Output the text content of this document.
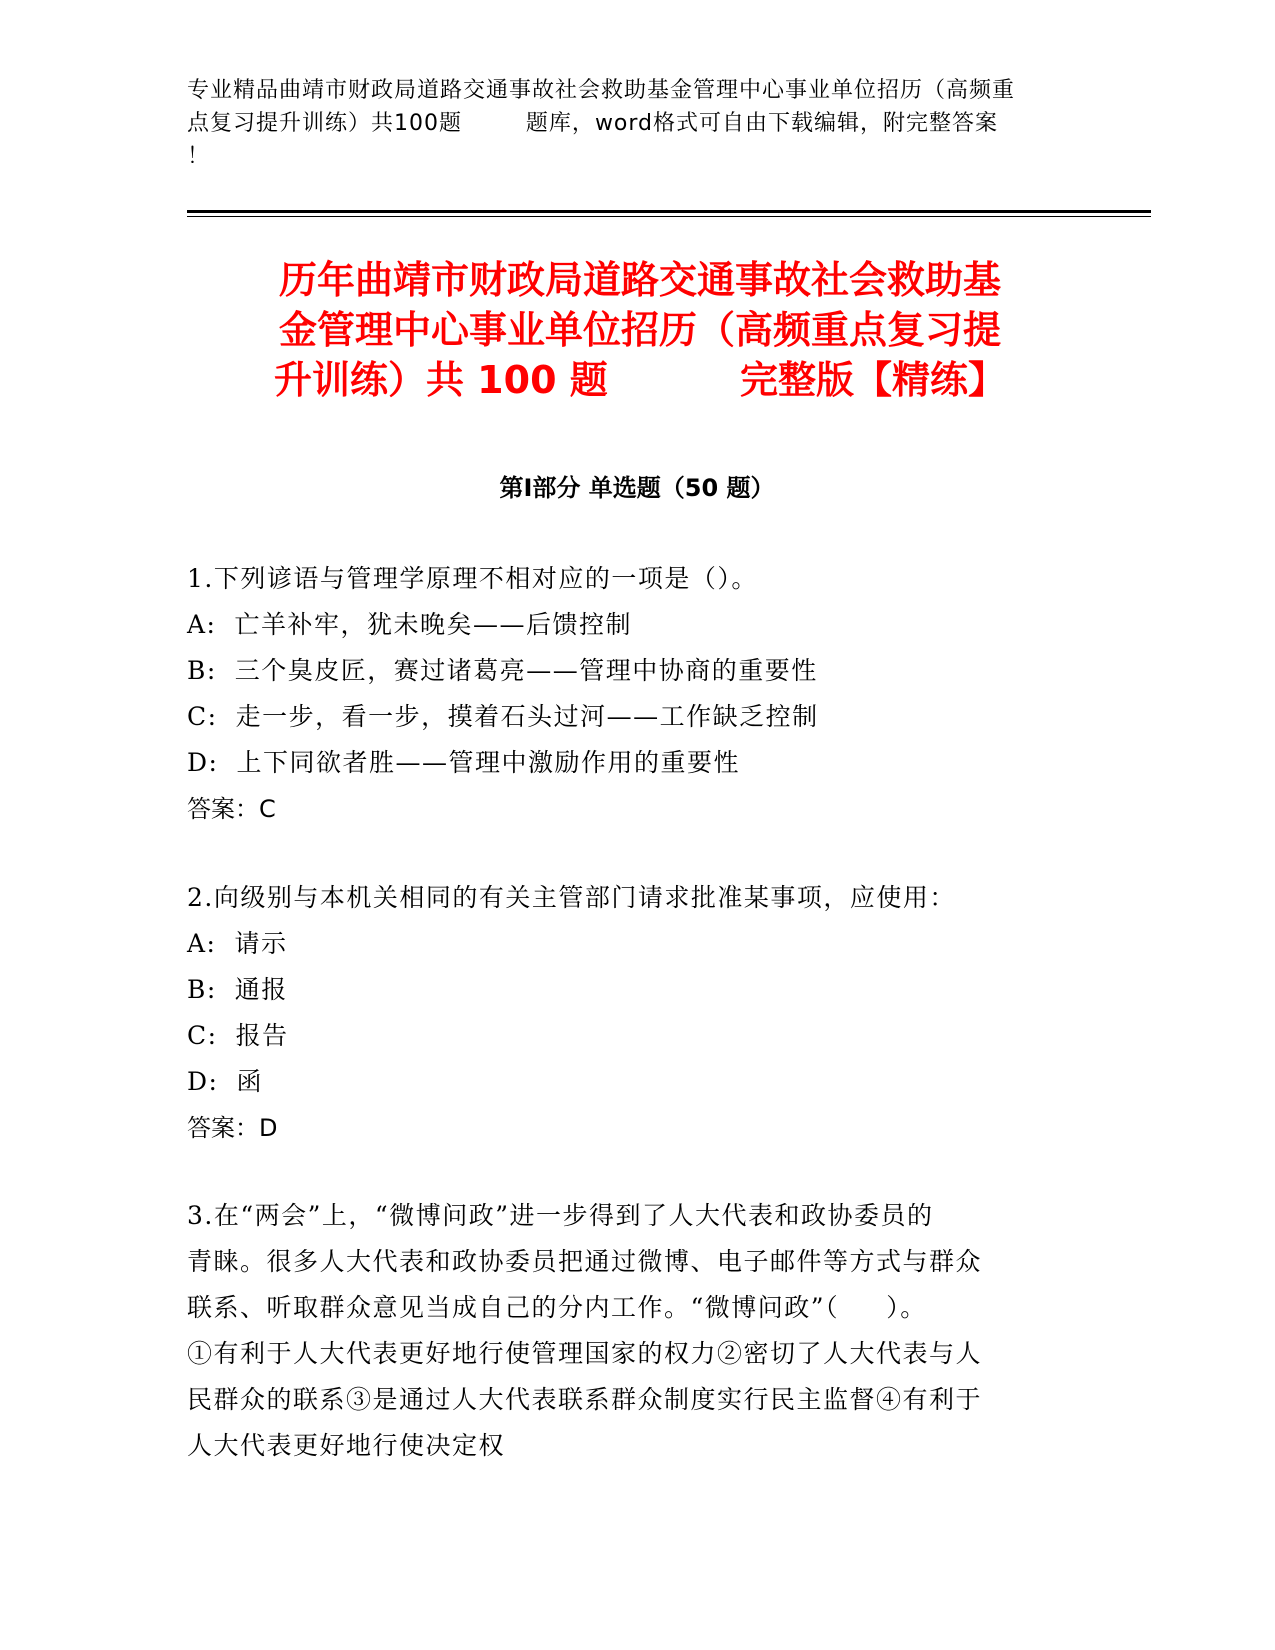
专业精品曲靖市财政局道路交通事故社会救助基金管理中心事业单位招历（高频重
点复习提升训练）共100题        题库，word格式可自由下载编辑，附完整答案
！
历年曲靖市财政局道路交通事故社会救助基
金管理中心事业单位招历（高频重点复习提
升训练）共 100 题          完整版【精练】
第Ⅰ部分 单选题（50 题）

1.下列谚语与管理学原理不相对应的一项是（）。

A: 亡羊补牢，犹未晚矣——后馈控制

B: 三个臭皮匠，赛过诸葛亮——管理中协商的重要性

C: 走一步，看一步，摸着石头过河——工作缺乏控制

D: 上下同欲者胜——管理中激励作用的重要性

答案：C

2.向级别与本机关相同的有关主管部门请求批准某事项，应使用：

A: 请示

B: 通报

C: 报告

D: 函

答案：D

3.在“两会”上，“微博问政”进一步得到了人大代表和政协委员的

青睐。很多人大代表和政协委员把通过微博、电子邮件等方式与群众

联系、听取群众意见当成自己的分内工作。“微博问政”（     ）。

①有利于人大代表更好地行使管理国家的权力②密切了人大代表与人

民群众的联系③是通过人大代表联系群众制度实行民主监督④有利于

人大代表更好地行使决定权
